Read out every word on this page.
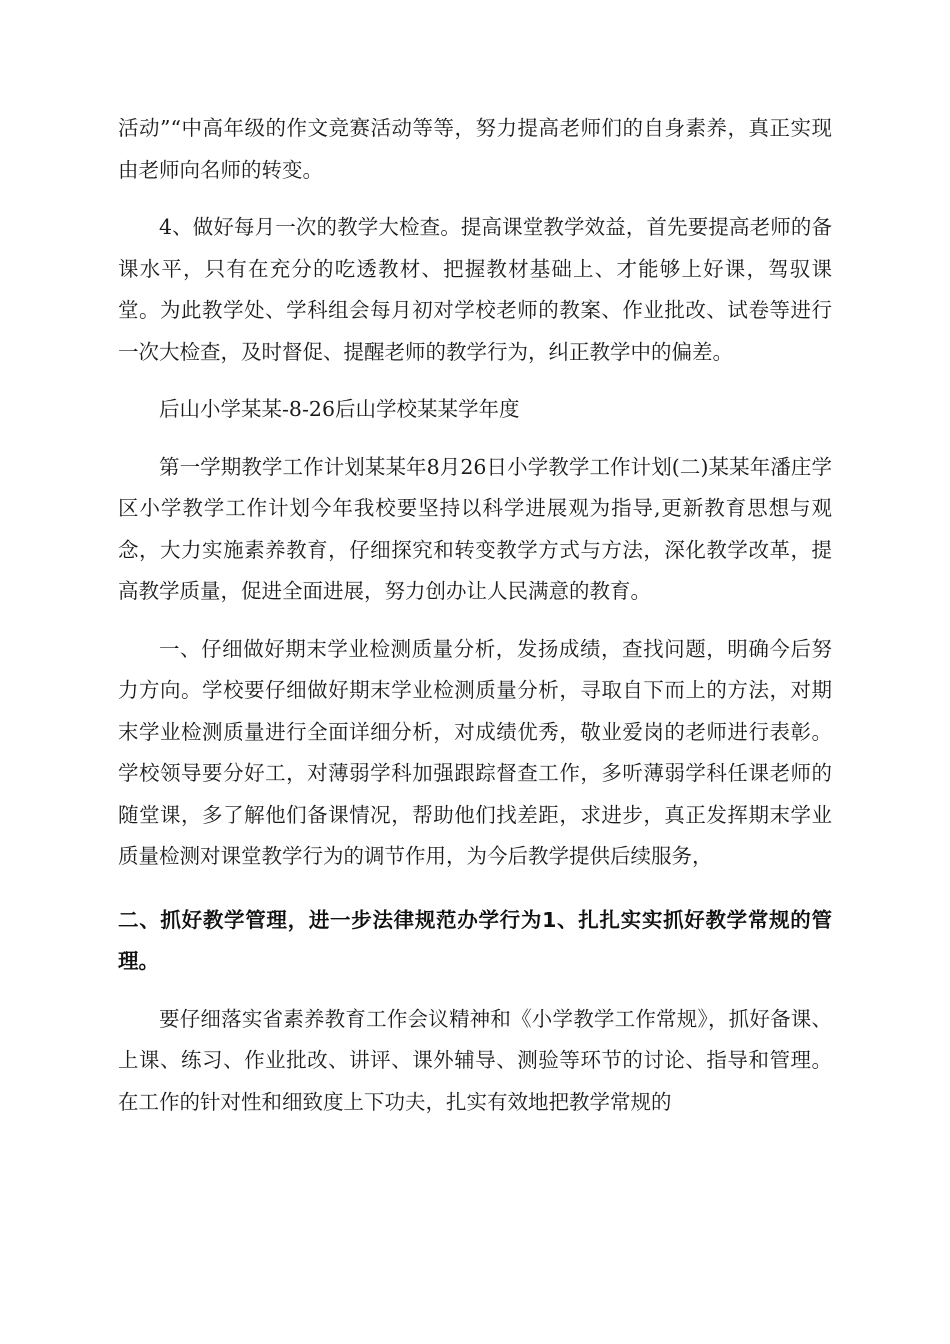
活动”“中高年级的作文竞赛活动等等，努力提高老师们的自身素养，真正实现由老师向名师的转变。

4、做好每月一次的教学大检查。提高课堂教学效益，首先要提高老师的备课水平，只有在充分的吃透教材、把握教材基础上、才能够上好课，驾驭课堂。为此教学处、学科组会每月初对学校老师的教案、作业批改、试卷等进行一次大检查，及时督促、提醒老师的教学行为，纠正教学中的偏差。

后山小学某某-8-26后山学校某某学年度

第一学期教学工作计划某某年8月26日小学教学工作计划(二)某某年潘庄学区小学教学工作计划今年我校要坚持以科学进展观为指导,更新教育思想与观念，大力实施素养教育，仔细探究和转变教学方式与方法，深化教学改革，提高教学质量，促进全面进展，努力创办让人民满意的教育。

一、仔细做好期末学业检测质量分析，发扬成绩，查找问题，明确今后努力方向。学校要仔细做好期末学业检测质量分析，寻取自下而上的方法，对期末学业检测质量进行全面详细分析，对成绩优秀，敬业爱岗的老师进行表彰。学校领导要分好工，对薄弱学科加强跟踪督查工作，多听薄弱学科任课老师的随堂课，多了解他们备课情况，帮助他们找差距，求进步，真正发挥期末学业质量检测对课堂教学行为的调节作用，为今后教学提供后续服务，

二、抓好教学管理，进一步法律规范办学行为1、扎扎实实抓好教学常规的管理。

要仔细落实省素养教育工作会议精神和《小学教学工作常规》，抓好备课、上课、练习、作业批改、讲评、课外辅导、测验等环节的讨论、指导和管理。在工作的针对性和细致度上下功夫，扎实有效地把教学常规的
